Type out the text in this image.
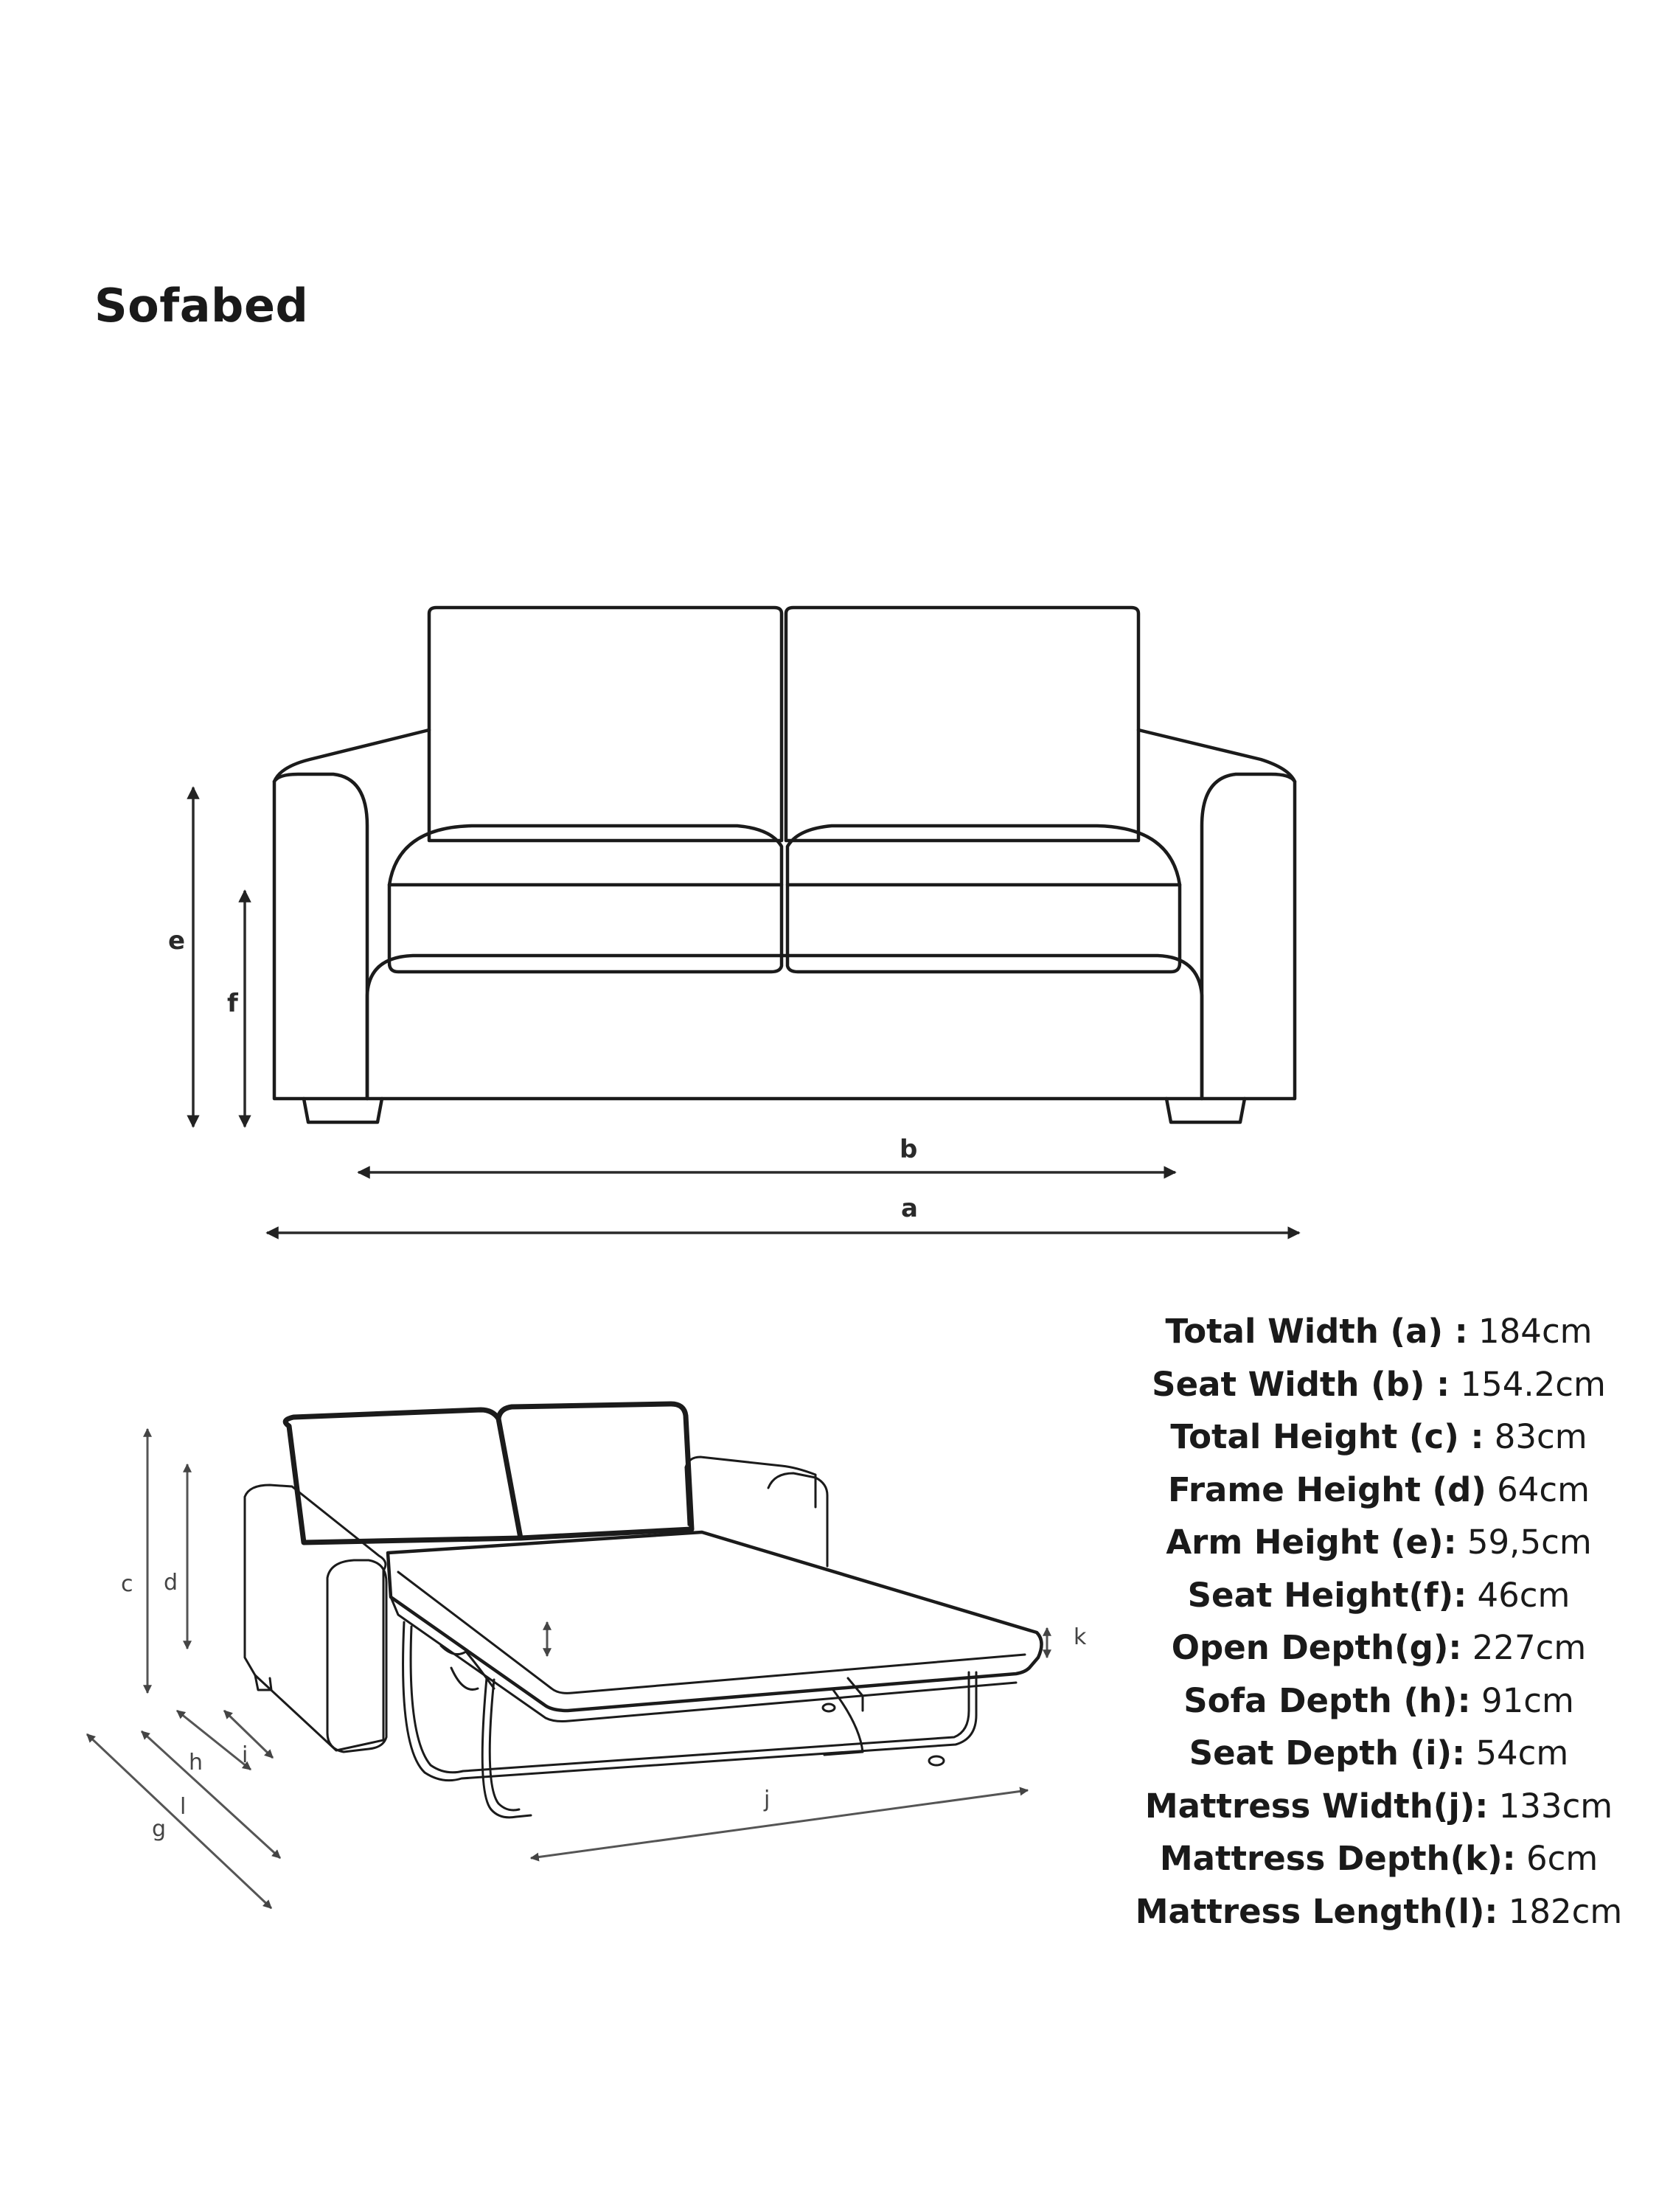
Sofabed
e
f
b
a
c d
k
h i
l
g
j
Total Width (a) : 184cm
Seat Width (b) : 154.2cm
Total Height (c) : 83cm
Frame Height (d) 64cm
Arm Height (e): 59,5cm
Seat Height(f): 46cm
Open Depth(g): 227cm
Sofa Depth (h): 91cm
Seat Depth (i): 54cm
Mattress Width(j): 133cm
Mattress Depth(k): 6cm
Mattress Length(l): 182cm
